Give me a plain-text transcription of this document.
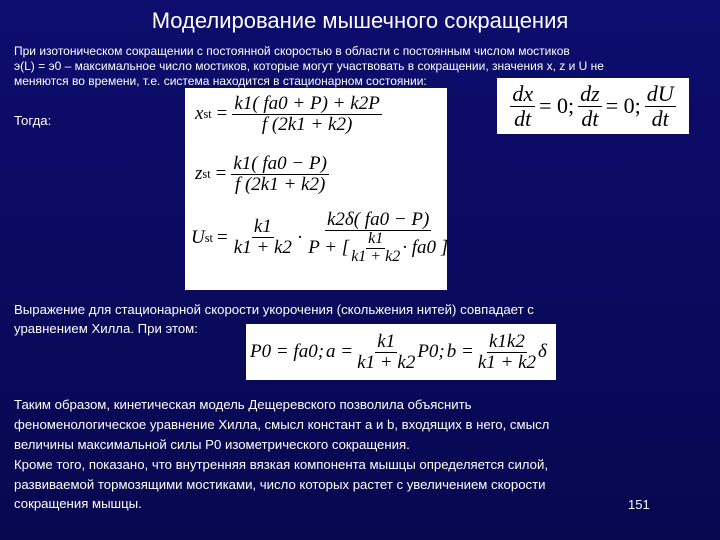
Моделирование мышечного сокращения
При изотоническом сокращении с постоянной скоростью в области с постоянным числом мостиков
э(L) = э0 – максимальное число мостиков, которые могут участвовать в сокращении, значения x, z и U не
меняются во времени, т.е. система находится в стационарном состоянии:
$\frac{dx}{dt} = 0$; $\frac{dz}{dt} = 0$; $\frac{dU}{dt}$
Тогда:	x st = $\frac{k1( fa0 + P) + k2P}{f (2k1 + k2)}$
z st = $\frac{k1( fa0 - P)}{f (2k1 + k2)}$
U st = $\frac{k1}{k1 + k2} \cdot \frac{k2\delta( fa0 - P)}{P + [ \frac{k1}{k1 + k2} \cdot fa0 ]}$
Выражение для стационарной скорости укорочения (скольжения нитей) совпадает с
уравнением Хилла. При этом:
P0 = fa0; $a = \frac{k1}{k1 + k2} P0$; $b = \frac{k1k2}{k1 + k2}$ δ
Таким образом, кинетическая модель Дещеревского позволила объяснить
феноменологическое уравнение Хилла, смысл констант a и b, входящих в него, смысл
величины максимальной силы P0 изометрического сокращения.
Кроме того, показано, что внутренняя вязкая компонента мышцы определяется силой,
развиваемой тормозящими мостиками, число которых растет с увеличением скорости
сокращения мышцы.	151
